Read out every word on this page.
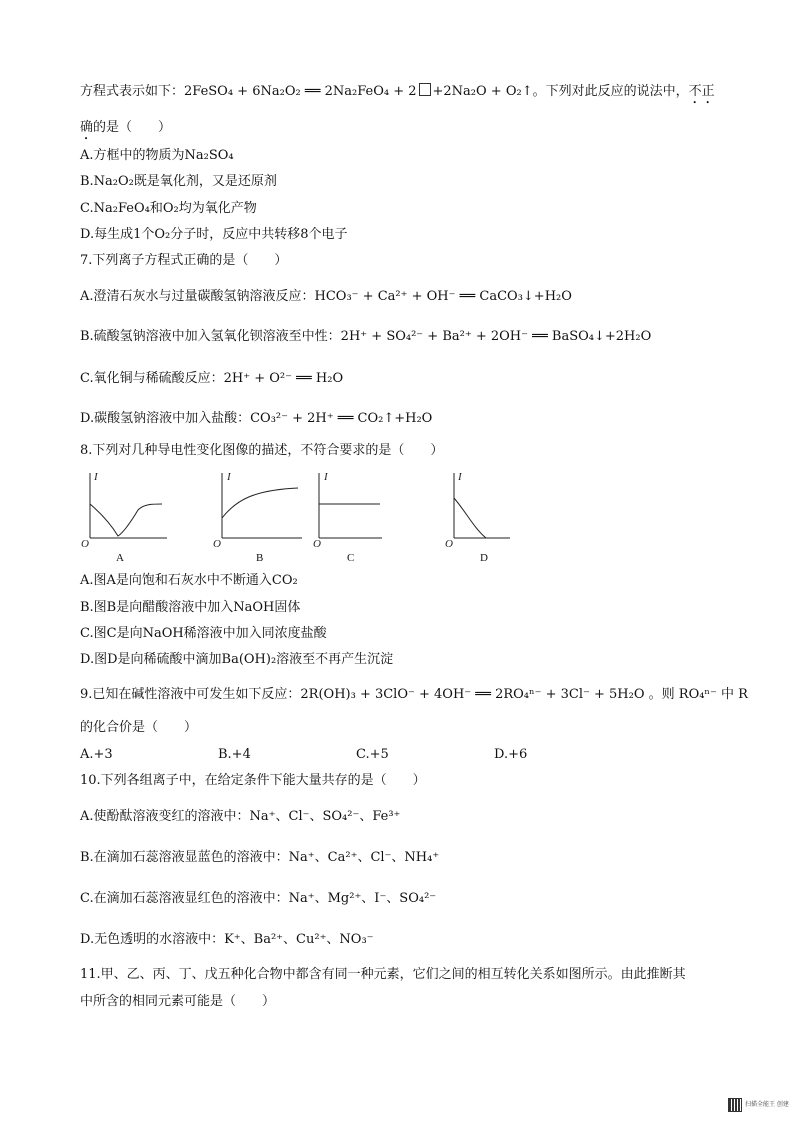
方程式表示如下：2FeSO₄ + 6Na₂O₂ ══ 2Na₂FeO₄ + 2 +2Na₂O + O₂↑。下列对此反应的说法中，不正
确的是（　　）
A.方框中的物质为Na₂SO₄
B.Na₂O₂既是氧化剂，又是还原剂
C.Na₂FeO₄和O₂均为氧化产物
D.每生成1个O₂分子时，反应中共转移8个电子
7.下列离子方程式正确的是（　　）
A.澄清石灰水与过量碳酸氢钠溶液反应：HCO₃⁻ + Ca²⁺ + OH⁻ ══ CaCO₃↓+H₂O
B.硫酸氢钠溶液中加入氢氧化钡溶液至中性：2H⁺ + SO₄²⁻ + Ba²⁺ + 2OH⁻ ══ BaSO₄↓+2H₂O
C.氧化铜与稀硫酸反应：2H⁺ + O²⁻ ══ H₂O
D.碳酸氢钠溶液中加入盐酸：CO₃²⁻ + 2H⁺ ══ CO₂↑+H₂O
8.下列对几种导电性变化图像的描述，不符合要求的是（　　）
I
O
A
I
O
B
I
O
C
I
O
D
A.图A是向饱和石灰水中不断通入CO₂
B.图B是向醋酸溶液中加入NaOH固体
C.图C是向NaOH稀溶液中加入同浓度盐酸
D.图D是向稀硫酸中滴加Ba(OH)₂溶液至不再产生沉淀
9.已知在碱性溶液中可发生如下反应：2R(OH)₃ + 3ClO⁻ + 4OH⁻ ══ 2RO₄ⁿ⁻ + 3Cl⁻ + 5H₂O 。则 RO₄ⁿ⁻ 中 R
的化合价是（　　）
A.+3	B.+4	C.+5	D.+6
10.下列各组离子中，在给定条件下能大量共存的是（　　）
A.使酚酞溶液变红的溶液中：Na⁺、Cl⁻、SO₄²⁻、Fe³⁺
B.在滴加石蕊溶液显蓝色的溶液中：Na⁺、Ca²⁺、Cl⁻、NH₄⁺
C.在滴加石蕊溶液显红色的溶液中：Na⁺、Mg²⁺、I⁻、SO₄²⁻
D.无色透明的水溶液中：K⁺、Ba²⁺、Cu²⁺、NO₃⁻
11.甲、乙、丙、丁、戊五种化合物中都含有同一种元素，它们之间的相互转化关系如图所示。由此推断其
中所含的相同元素可能是（　　）
扫描全能王 创建
